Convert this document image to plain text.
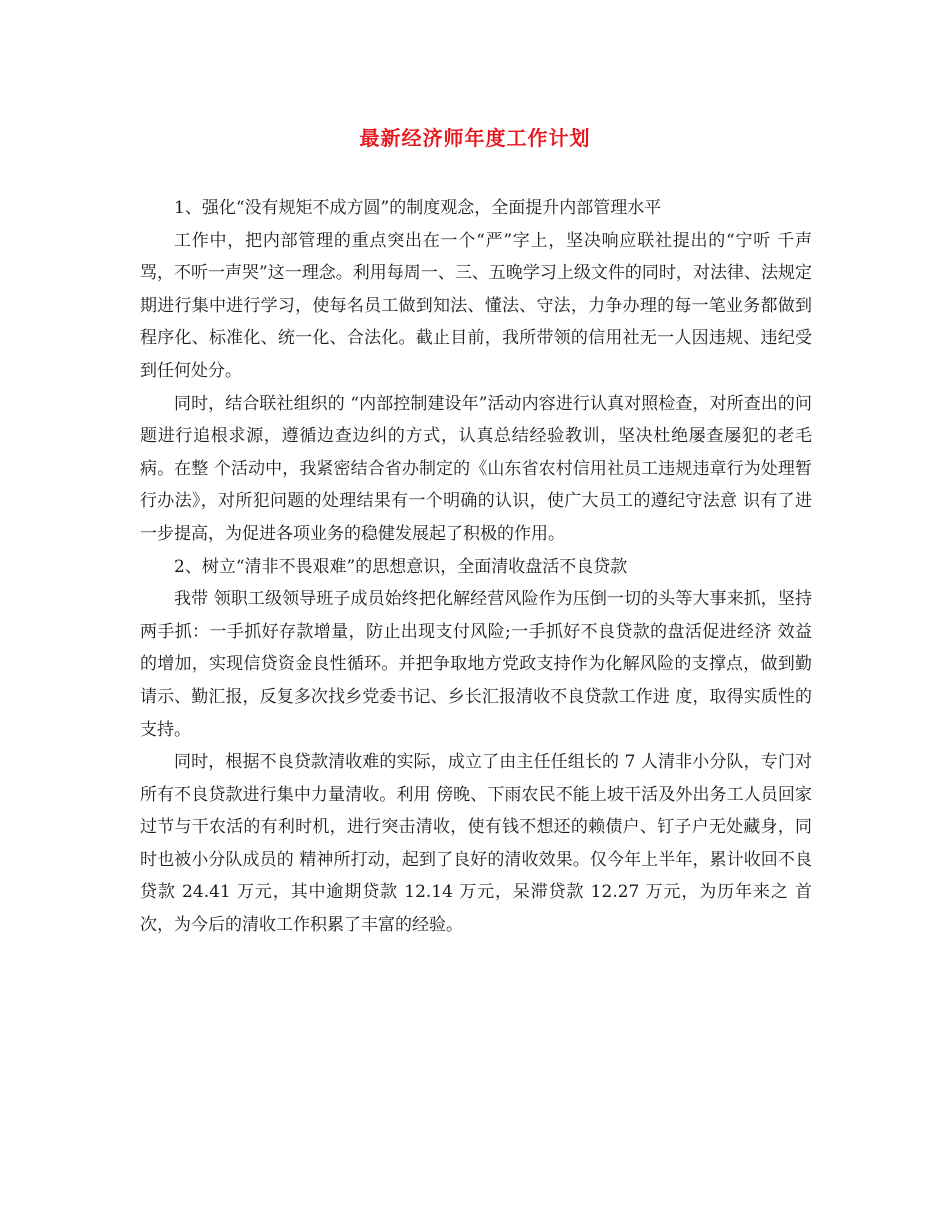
最新经济师年度工作计划

1、强化“没有规矩不成方圆”的制度观念，全面提升内部管理水平

工作中，把内部管理的重点突出在一个“严”字上，坚决响应联社提出的“宁听 千声骂，不听一声哭”这一理念。利用每周一、三、五晚学习上级文件的同时，对法律、法规定期进行集中进行学习，使每名员工做到知法、懂法、守法，力争办理的每一笔业务都做到程序化、标准化、统一化、合法化。截止目前，我所带领的信用社无一人因违规、违纪受到任何处分。

同时，结合联社组织的 “内部控制建设年”活动内容进行认真对照检查，对所查出的问题进行追根求源，遵循边查边纠的方式，认真总结经验教训，坚决杜绝屡查屡犯的老毛病。在整 个活动中，我紧密结合省办制定的《山东省农村信用社员工违规违章行为处理暂行办法》，对所犯问题的处理结果有一个明确的认识，使广大员工的遵纪守法意 识有了进一步提高，为促进各项业务的稳健发展起了积极的作用。

2、树立“清非不畏艰难”的思想意识，全面清收盘活不良贷款

我带 领职工级领导班子成员始终把化解经营风险作为压倒一切的头等大事来抓，坚持两手抓：一手抓好存款增量，防止出现支付风险;一手抓好不良贷款的盘活促进经济 效益的增加，实现信贷资金良性循环。并把争取地方党政支持作为化解风险的支撑点，做到勤请示、勤汇报，反复多次找乡党委书记、乡长汇报清收不良贷款工作进 度，取得实质性的支持。

同时，根据不良贷款清收难的实际，成立了由主任任组长的 7 人清非小分队，专门对所有不良贷款进行集中力量清收。利用 傍晚、下雨农民不能上坡干活及外出务工人员回家过节与干农活的有利时机，进行突击清收，使有钱不想还的赖债户、钉子户无处藏身，同时也被小分队成员的 精神所打动，起到了良好的清收效果。仅今年上半年，累计收回不良贷款 24.41 万元，其中逾期贷款 12.14 万元，呆滞贷款 12.27 万元，为历年来之 首次，为今后的清收工作积累了丰富的经验。
